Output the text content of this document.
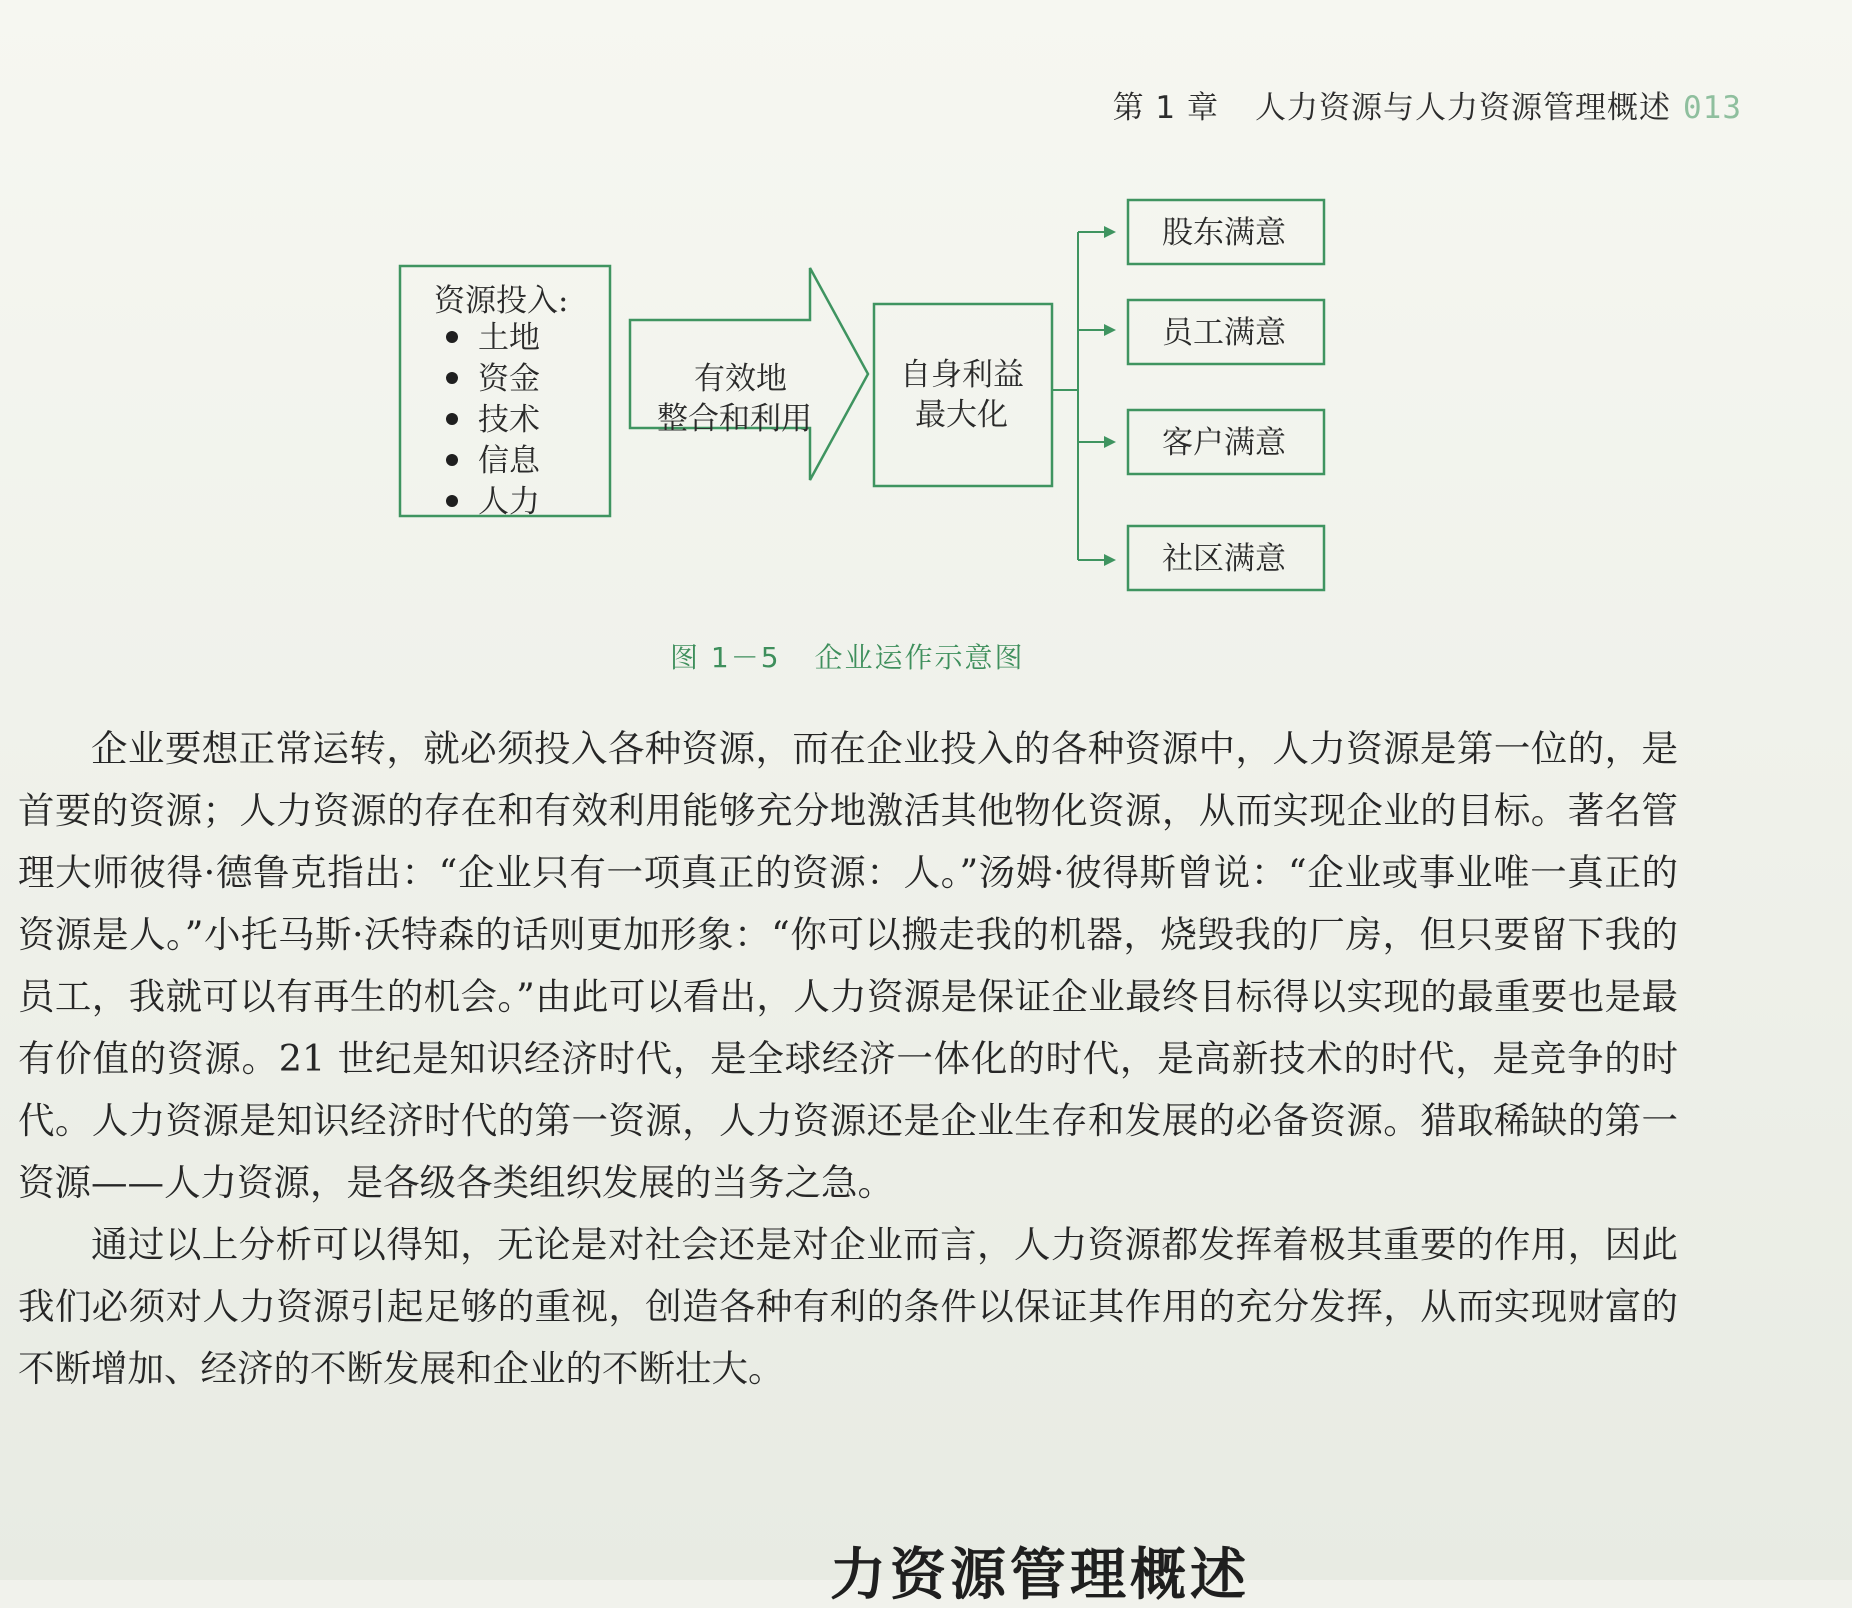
第 1 章 人力资源与人力资源管理概述 013
资源投入:
土地
资金
技术
信息
人力
有效地
整合和利用
自身利益
最大化
股东满意
员工满意
客户满意
社区满意
图 1－5 企业运作示意图

企业要想正常运转，就必须投入各种资源，而在企业投入的各种资源中，人力资源是第一位的，是首要的资源；人力资源的存在和有效利用能够充分地激活其他物化资源，从而实现企业的目标。著名管理大师彼得·德鲁克指出：“企业只有一项真正的资源：人。”汤姆·彼得斯曾说：“企业或事业唯一真正的资源是人。”小托马斯·沃特森的话则更加形象：“你可以搬走我的机器，烧毁我的厂房，但只要留下我的员工，我就可以有再生的机会。”由此可以看出，人力资源是保证企业最终目标得以实现的最重要也是最有价值的资源。21 世纪是知识经济时代，是全球经济一体化的时代，是高新技术的时代，是竞争的时代。人力资源是知识经济时代的第一资源，人力资源还是企业生存和发展的必备资源。猎取稀缺的第一资源——人力资源，是各级各类组织发展的当务之急。

通过以上分析可以得知，无论是对社会还是对企业而言，人力资源都发挥着极其重要的作用，因此我们必须对人力资源引起足够的重视，创造各种有利的条件以保证其作用的充分发挥，从而实现财富的不断增加、经济的不断发展和企业的不断壮大。

力资源管理概述
